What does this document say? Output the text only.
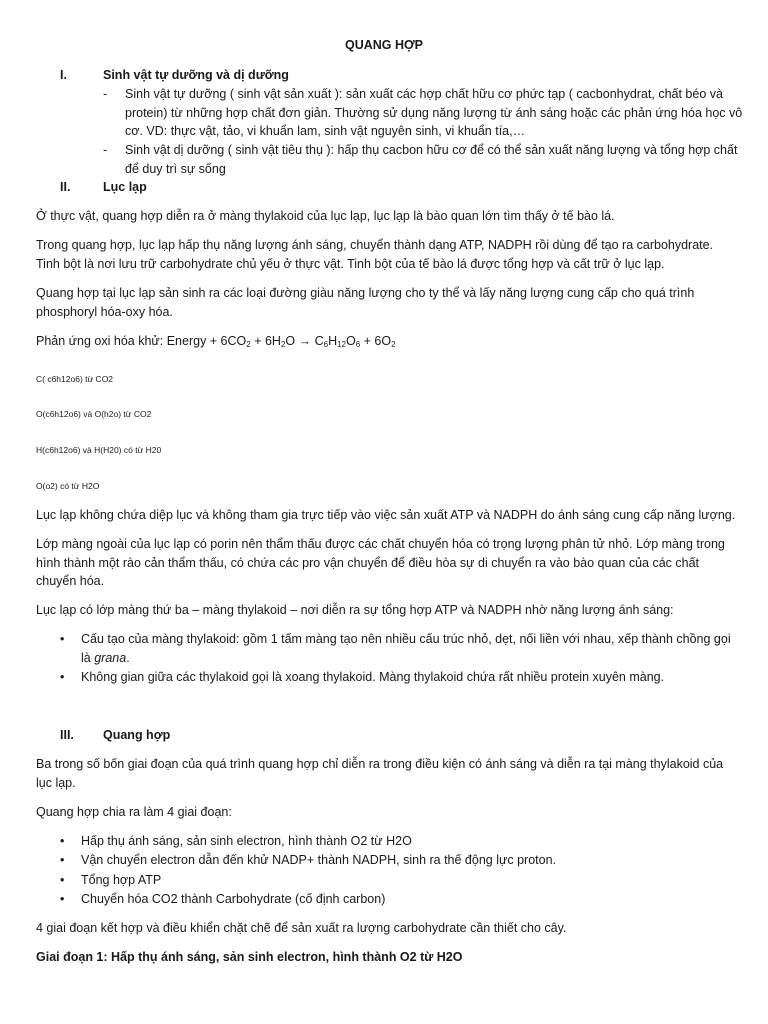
QUANG HỢP
I.	Sinh vật tự dưỡng và dị dưỡng
- Sinh vật tự dưỡng ( sinh vật sản xuất ): sản xuất các hợp chất hữu cơ phức tạp ( cacbonhydrat, chất béo và protein) từ những hợp chất đơn giản. Thường sử dụng năng lượng từ ánh sáng hoặc các phản ứng hóa học vô cơ. VD: thực vật, tảo, vi khuẩn lam, sinh vật nguyên sinh, vi khuẩn tía,…
- Sinh vật dị dưỡng ( sinh vật tiêu thụ ): hấp thụ cacbon hữu cơ để có thể sản xuất năng lượng và tổng hợp chất để duy trì sự sống
II.	Lục lạp

Ở thực vật, quang hợp diễn ra ở màng thylakoid của lục lạp, lục lạp là bào quan lớn tìm thấy ở tế bào lá.

Trong quang hợp, lục lạp hấp thụ năng lượng ánh sáng, chuyển thành dạng ATP, NADPH rồi dùng để tạo ra carbohydrate. Tinh bột là nơi lưu trữ carbohydrate chủ yếu ở thực vật. Tinh bột của tế bào lá được tổng hợp và cất trữ ở lục lạp.

Quang hợp tại lục lạp sản sinh ra các loại đường giàu năng lượng cho ty thể và lấy năng lượng cung cấp cho quá trình phosphoryl hóa-oxy hóa.

Phản ứng oxi hóa khử: Energy + $6CO_2 + 6H_2O \to C_6H_{12}O_6 + 6O_2$

C( c6h12o6) từ CO2
O(c6h12o6) và O(h2o) từ CO2
H(c6h12o6) và H(H20) có từ H20
O(o2) có từ H2O

Lục lạp không chứa diệp lục và không tham gia trực tiếp vào việc sản xuất ATP và NADPH do ánh sáng cung cấp năng lượng.

Lớp màng ngoài của lục lạp có porin nên thẩm thấu được các chất chuyển hóa có trọng lượng phân tử nhỏ. Lớp màng trong hình thành một rào cản thẩm thấu, có chứa các pro vận chuyển để điều hòa sự di chuyển ra vào bào quan của các chất chuyển hóa.

Lục lạp có lớp màng thứ ba – màng thylakoid – nơi diễn ra sự tổng hợp ATP và NADPH nhờ năng lượng ánh sáng:

• Cấu tạo của màng thylakoid: gồm 1 tấm màng tạo nên nhiều cấu trúc nhỏ, dẹt, nối liền với nhau, xếp thành chồng gọi là grana.
• Không gian giữa các thylakoid gọi là xoang thylakoid. Màng thylakoid chứa rất nhiều protein xuyên màng.
III. Quang hợp

Ba trong số bốn giai đoạn của quá trình quang hợp chỉ diễn ra trong điều kiện có ánh sáng và diễn ra tại màng thylakoid của lục lạp.

Quang hợp chia ra làm 4 giai đoạn:

• Hấp thụ ánh sáng, sản sinh electron, hình thành O2 từ H2O
• Vận chuyển electron dẫn đến khử NADP+ thành NADPH, sinh ra thế động lực proton.
• Tổng hợp ATP
• Chuyển hóa CO2 thành Carbohydrate (cố định carbon)

4 giai đoạn kết hợp và điều khiển chặt chẽ để sản xuất ra lượng carbohydrate cần thiết cho cây.

Giai đoạn 1: Hấp thụ ánh sáng, sản sinh electron, hình thành O2 từ H2O
